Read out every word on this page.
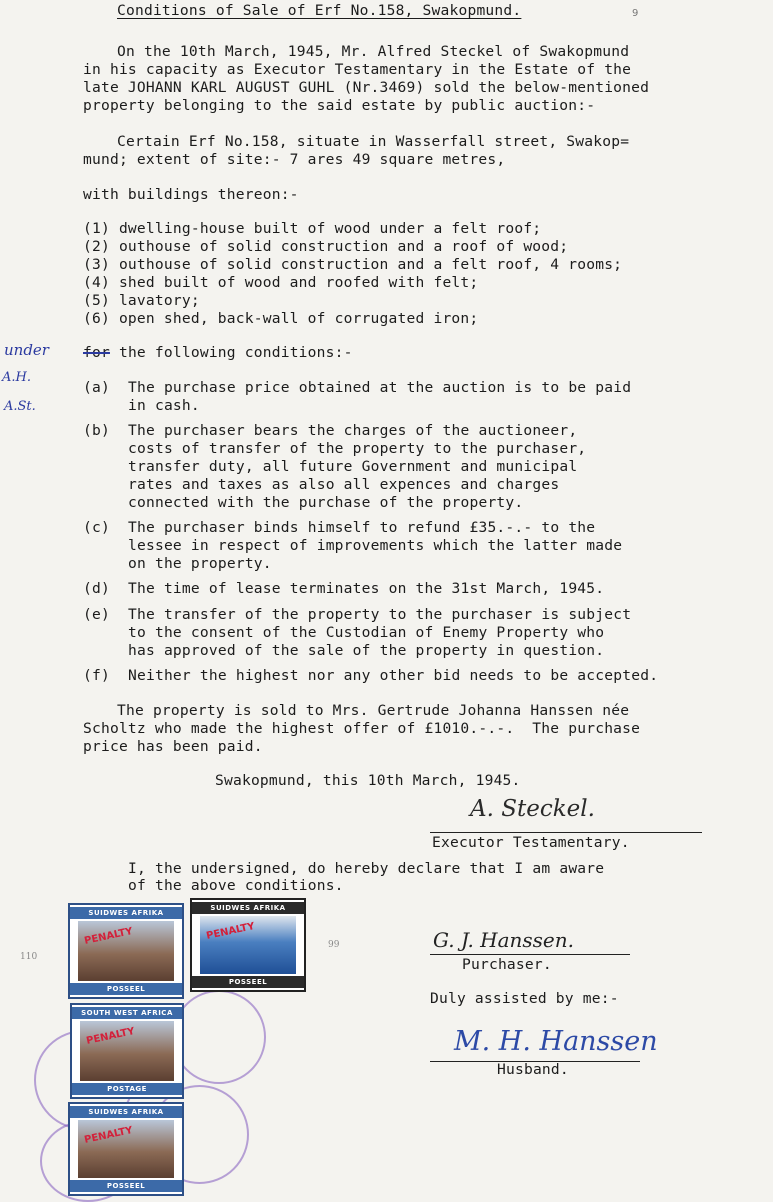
9
Conditions of Sale of Erf No.158, Swakopmund.
On the 10th March, 1945, Mr. Alfred Steckel of Swakopmund
in his capacity as Executor Testamentary in the Estate of the
late JOHANN KARL AUGUST GUHL (Nr.3469) sold the below-mentioned
property belonging to the said estate by public auction:-
Certain Erf No.158, situate in Wasserfall street, Swakop=
mund; extent of site:- 7 ares 49 square metres,
with buildings thereon:-
(1) dwelling-house built of wood under a felt roof;
(2) outhouse of solid construction and a roof of wood;
(3) outhouse of solid construction and a felt roof, 4 rooms;
(4) shed built of wood and roofed with felt;
(5) lavatory;
(6) open shed, back-wall of corrugated iron;
under
A.H.
A.St.
for the following conditions:-
(a) The purchase price obtained at the auction is to be paid
in cash.
(b) The purchaser bears the charges of the auctioneer,
costs of transfer of the property to the purchaser,
transfer duty, all future Government and municipal
rates and taxes as also all expences and charges
connected with the purchase of the property.
(c) The purchaser binds himself to refund £35.-.- to the
lessee in respect of improvements which the latter made
on the property.
(d) The time of lease terminates on the 31st March, 1945.
(e) The transfer of the property to the purchaser is subject
to the consent of the Custodian of Enemy Property who
has approved of the sale of the property in question.
(f) Neither the highest nor any other bid needs to be accepted.
The property is sold to Mrs. Gertrude Johanna Hanssen née
Scholtz who made the highest offer of £1010.-.-.  The purchase
price has been paid.
Swakopmund, this 10th March, 1945.
A. Steckel.
Executor Testamentary.
I, the undersigned, do hereby declare that I am aware
of the above conditions.
G. J. Hanssen.
Purchaser.
Duly assisted by me:-
M. H. Hanssen
Husband.
110
99
SUIDWES AFRIKA
PENALTY
POSSEEL
SUIDWES AFRIKA
PENALTY
POSSEEL
SOUTH WEST AFRICA
PENALTY
POSTAGE
SUIDWES AFRIKA
PENALTY
POSSEEL
